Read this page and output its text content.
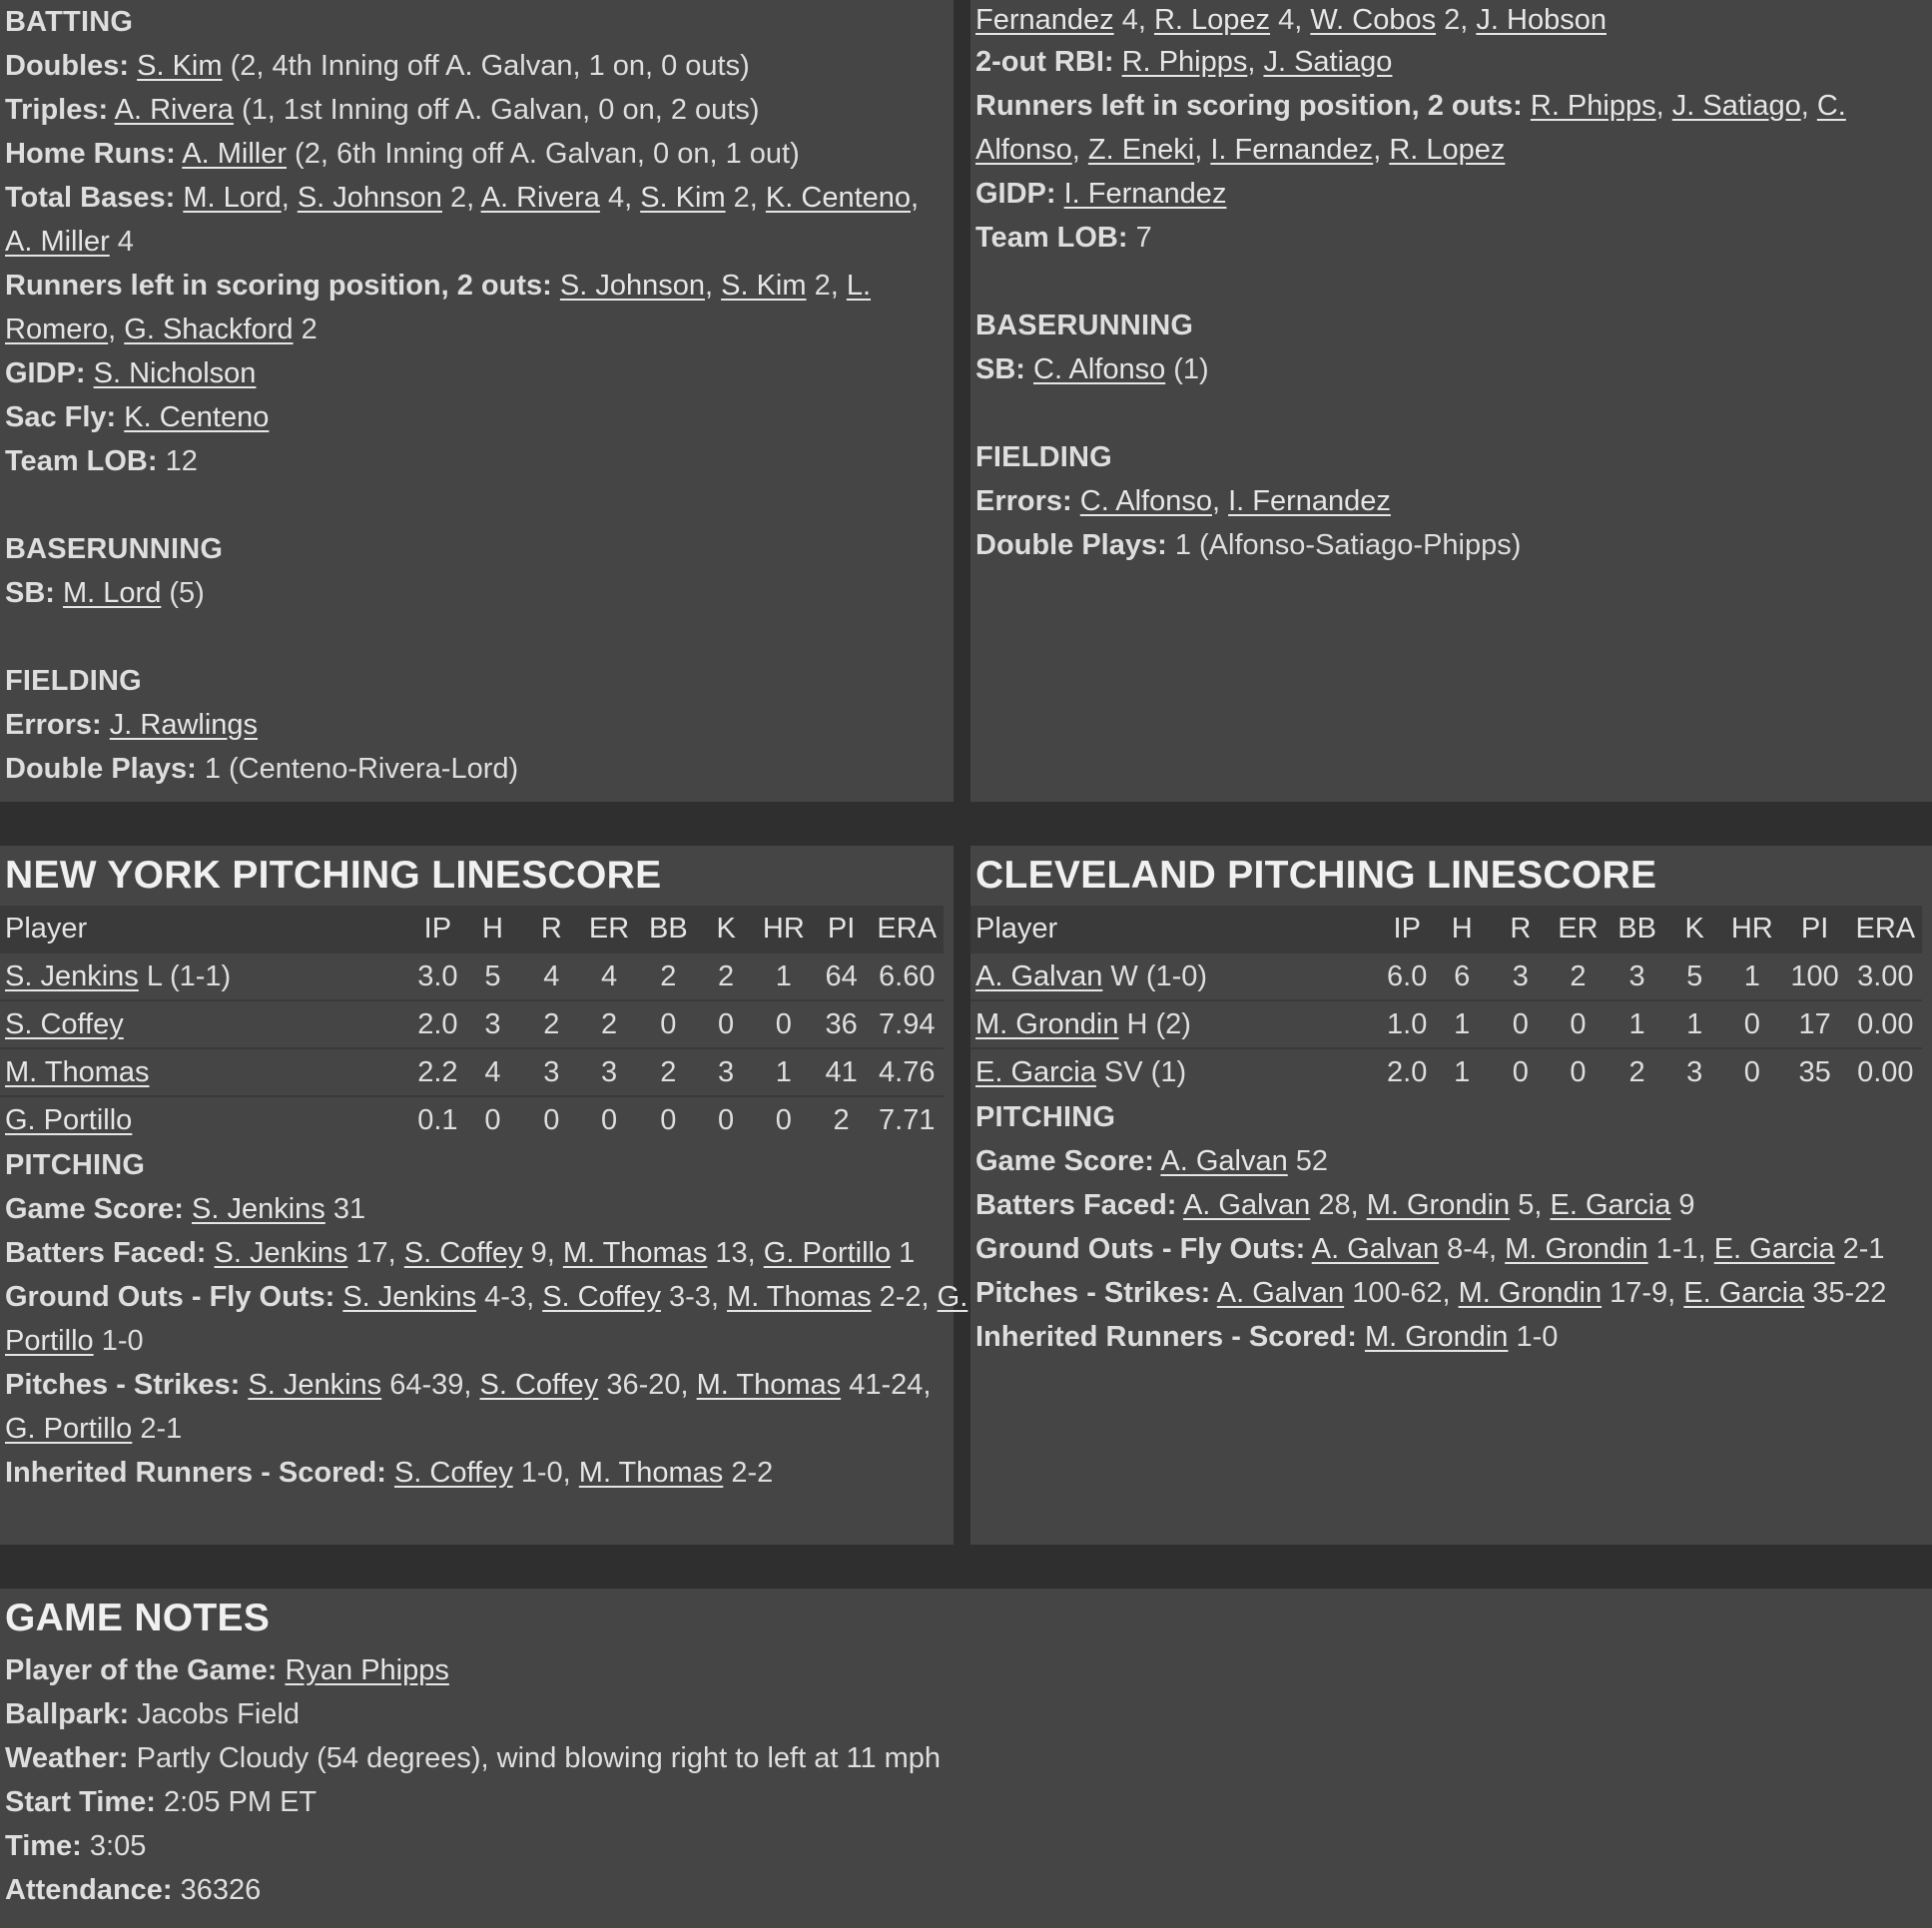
BATTING
Doubles: S. Kim (2, 4th Inning off A. Galvan, 1 on, 0 outs)
Triples: A. Rivera (1, 1st Inning off A. Galvan, 0 on, 2 outs)
Home Runs: A. Miller (2, 6th Inning off A. Galvan, 0 on, 1 out)
Total Bases: M. Lord, S. Johnson 2, A. Rivera 4, S. Kim 2, K. Centeno,
A. Miller 4
Runners left in scoring position, 2 outs: S. Johnson, S. Kim 2, L.
Romero, G. Shackford 2
GIDP: S. Nicholson
Sac Fly: K. Centeno
Team LOB: 12
BASERUNNING
SB: M. Lord (5)
FIELDING
Errors: J. Rawlings
Double Plays: 1 (Centeno-Rivera-Lord)
Fernandez 4, R. Lopez 4, W. Cobos 2, J. Hobson
2-out RBI: R. Phipps, J. Satiago
Runners left in scoring position, 2 outs: R. Phipps, J. Satiago, C.
Alfonso, Z. Eneki, I. Fernandez, R. Lopez
GIDP: I. Fernandez
Team LOB: 7
BASERUNNING
SB: C. Alfonso (1)
FIELDING
Errors: C. Alfonso, I. Fernandez
Double Plays: 1 (Alfonso-Satiago-Phipps)
NEW YORK PITCHING LINESCORE
Player	IP	H	R	ER	BB	K	HR	PI	ERA
S. Jenkins L (1-1)	3.0	5	4	4	2	2	1	64	6.60
S. Coffey	2.0	3	2	2	0	0	0	36	7.94
M. Thomas	2.2	4	3	3	2	3	1	41	4.76
G. Portillo	0.1	0	0	0	0	0	0	2	7.71
PITCHING
Game Score: S. Jenkins 31
Batters Faced: S. Jenkins 17, S. Coffey 9, M. Thomas 13, G. Portillo 1
Ground Outs - Fly Outs: S. Jenkins 4-3, S. Coffey 3-3, M. Thomas 2-2, G.
Portillo 1-0
Pitches - Strikes: S. Jenkins 64-39, S. Coffey 36-20, M. Thomas 41-24,
G. Portillo 2-1
Inherited Runners - Scored: S. Coffey 1-0, M. Thomas 2-2
CLEVELAND PITCHING LINESCORE
Player	IP	H	R	ER	BB	K	HR	PI	ERA
A. Galvan W (1-0)	6.0	6	3	2	3	5	1	100	3.00
M. Grondin H (2)	1.0	1	0	0	1	1	0	17	0.00
E. Garcia SV (1)	2.0	1	0	0	2	3	0	35	0.00
PITCHING
Game Score: A. Galvan 52
Batters Faced: A. Galvan 28, M. Grondin 5, E. Garcia 9
Ground Outs - Fly Outs: A. Galvan 8-4, M. Grondin 1-1, E. Garcia 2-1
Pitches - Strikes: A. Galvan 100-62, M. Grondin 17-9, E. Garcia 35-22
Inherited Runners - Scored: M. Grondin 1-0
GAME NOTES
Player of the Game: Ryan Phipps
Ballpark: Jacobs Field
Weather: Partly Cloudy (54 degrees), wind blowing right to left at 11 mph
Start Time: 2:05 PM ET
Time: 3:05
Attendance: 36326
